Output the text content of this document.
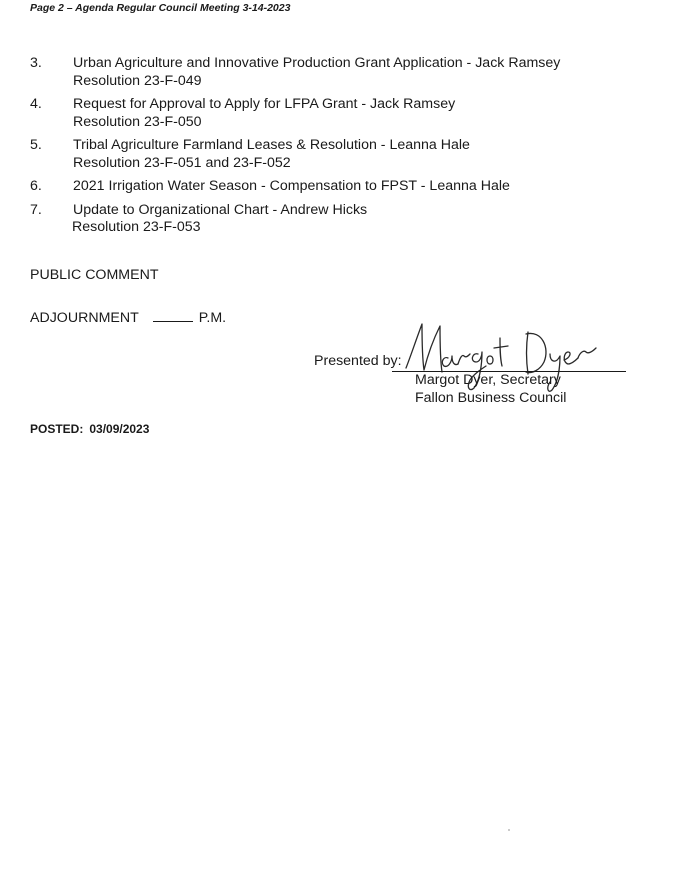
Page 2 – Agenda Regular Council Meeting 3-14-2023
3.	Urban Agriculture and Innovative Production Grant Application - Jack Ramsey
Resolution 23-F-049
4.	Request for Approval to Apply for LFPA Grant - Jack Ramsey
Resolution 23-F-050
5.	Tribal Agriculture Farmland Leases & Resolution - Leanna Hale
Resolution 23-F-051 and 23-F-052
6.	2021 Irrigation Water Season - Compensation to FPST - Leanna Hale
7.	Update to Organizational Chart - Andrew Hicks
Resolution 23-F-053
PUBLIC COMMENT
ADJOURNMENT	P.M.
Presented by:
Margot Dyer, Secretary
Fallon Business Council
POSTED: 03/09/2023
